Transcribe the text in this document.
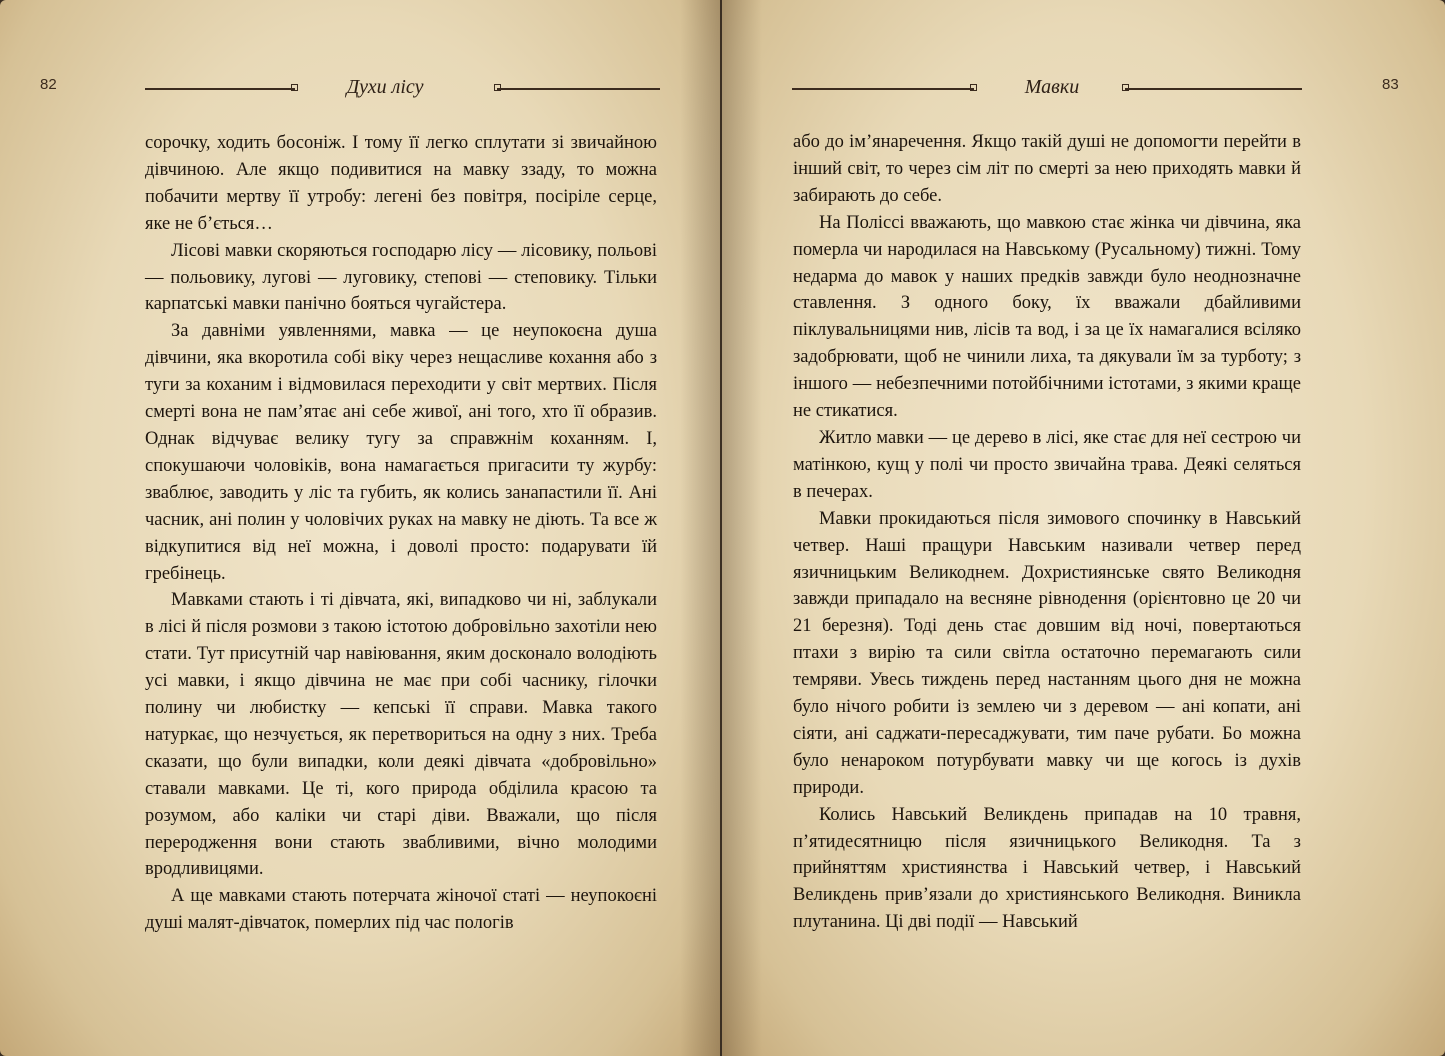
82	Духи лісу

сорочку, ходить босоніж. І тому її легко сплутати зі звичайною дівчиною. Але якщо подивитися на мавку ззаду, то можна побачити мертву її утробу: легені без повітря, посіріле серце, яке не б’ється…

Лісові мавки скоряються господарю лісу — лісовику, польові — польовику, лугові — луговику, степові — степовику. Тільки карпатські мавки панічно бояться чугайстера.

За давніми уявленнями, мавка — це неупокоєна душа дівчини, яка вкоротила собі віку через нещасливе кохання або з туги за коханим і відмовилася переходити у світ мертвих. Після смерті вона не пам’ятає ані себе живої, ані того, хто її образив. Однак відчуває велику тугу за справжнім коханням. І, спокушаючи чоловіків, вона намагається пригасити ту журбу: зваблює, заводить у ліс та губить, як колись занапастили її. Ані часник, ані полин у чоловічих руках на мавку не діють. Та все ж відкупитися від неї можна, і доволі просто: подарувати їй гребінець.

Мавками стають і ті дівчата, які, випадково чи ні, заблукали в лісі й після розмови з такою істотою добровільно захотіли нею стати. Тут присутній чар навіювання, яким досконало володіють усі мавки, і якщо дівчина не має при собі часнику, гілочки полину чи любистку — кепські її справи. Мавка такого натуркає, що незчується, як перетвориться на одну з них. Треба сказати, що були випадки, коли деякі дівчата «добровільно» ставали мавками. Це ті, кого природа обділила красою та розумом, або каліки чи старі діви. Вважали, що після переродження вони стають звабливими, вічно молодими вродливицями.

А ще мавками стають потерчата жіночої статі — неупокоєні душі малят-дівчаток, померлих під час пологів

Мавки	83

або до ім’янаречення. Якщо такій душі не допомогти перейти в інший світ, то через сім літ по смерті за нею приходять мавки й забирають до себе.

На Поліссі вважають, що мавкою стає жінка чи дівчина, яка померла чи народилася на Навському (Русальному) тижні. Тому недарма до мавок у наших предків завжди було неоднозначне ставлення. З одного боку, їх вважали дбайливими піклувальницями нив, лісів та вод, і за це їх намагалися всіляко задобрювати, щоб не чинили лиха, та дякували їм за турботу; з іншого — небезпечними потойбічними істотами, з якими краще не стикатися.

Житло мавки — це дерево в лісі, яке стає для неї сестрою чи матінкою, кущ у полі чи просто звичайна трава. Деякі селяться в печерах.

Мавки прокидаються після зимового спочинку в Навський четвер. Наші пращури Навським називали четвер перед язичницьким Великоднем. Дохристиянське свято Великодня завжди припадало на весняне рівнодення (орієнтовно це 20 чи 21 березня). Тоді день стає довшим від ночі, повертаються птахи з вирію та сили світла остаточно перемагають сили темряви. Увесь тиждень перед настанням цього дня не можна було нічого робити із землею чи з деревом — ані копати, ані сіяти, ані саджати-пересаджувати, тим паче рубати. Бо можна було ненароком потурбувати мавку чи ще когось із духів природи.

Колись Навський Великдень припадав на 10 травня, п’ятидесятницю після язичницького Великодня. Та з прийняттям християнства і Навський четвер, і Навський Великдень прив’язали до християнського Великодня. Виникла плутанина. Ці дві події — Навський
